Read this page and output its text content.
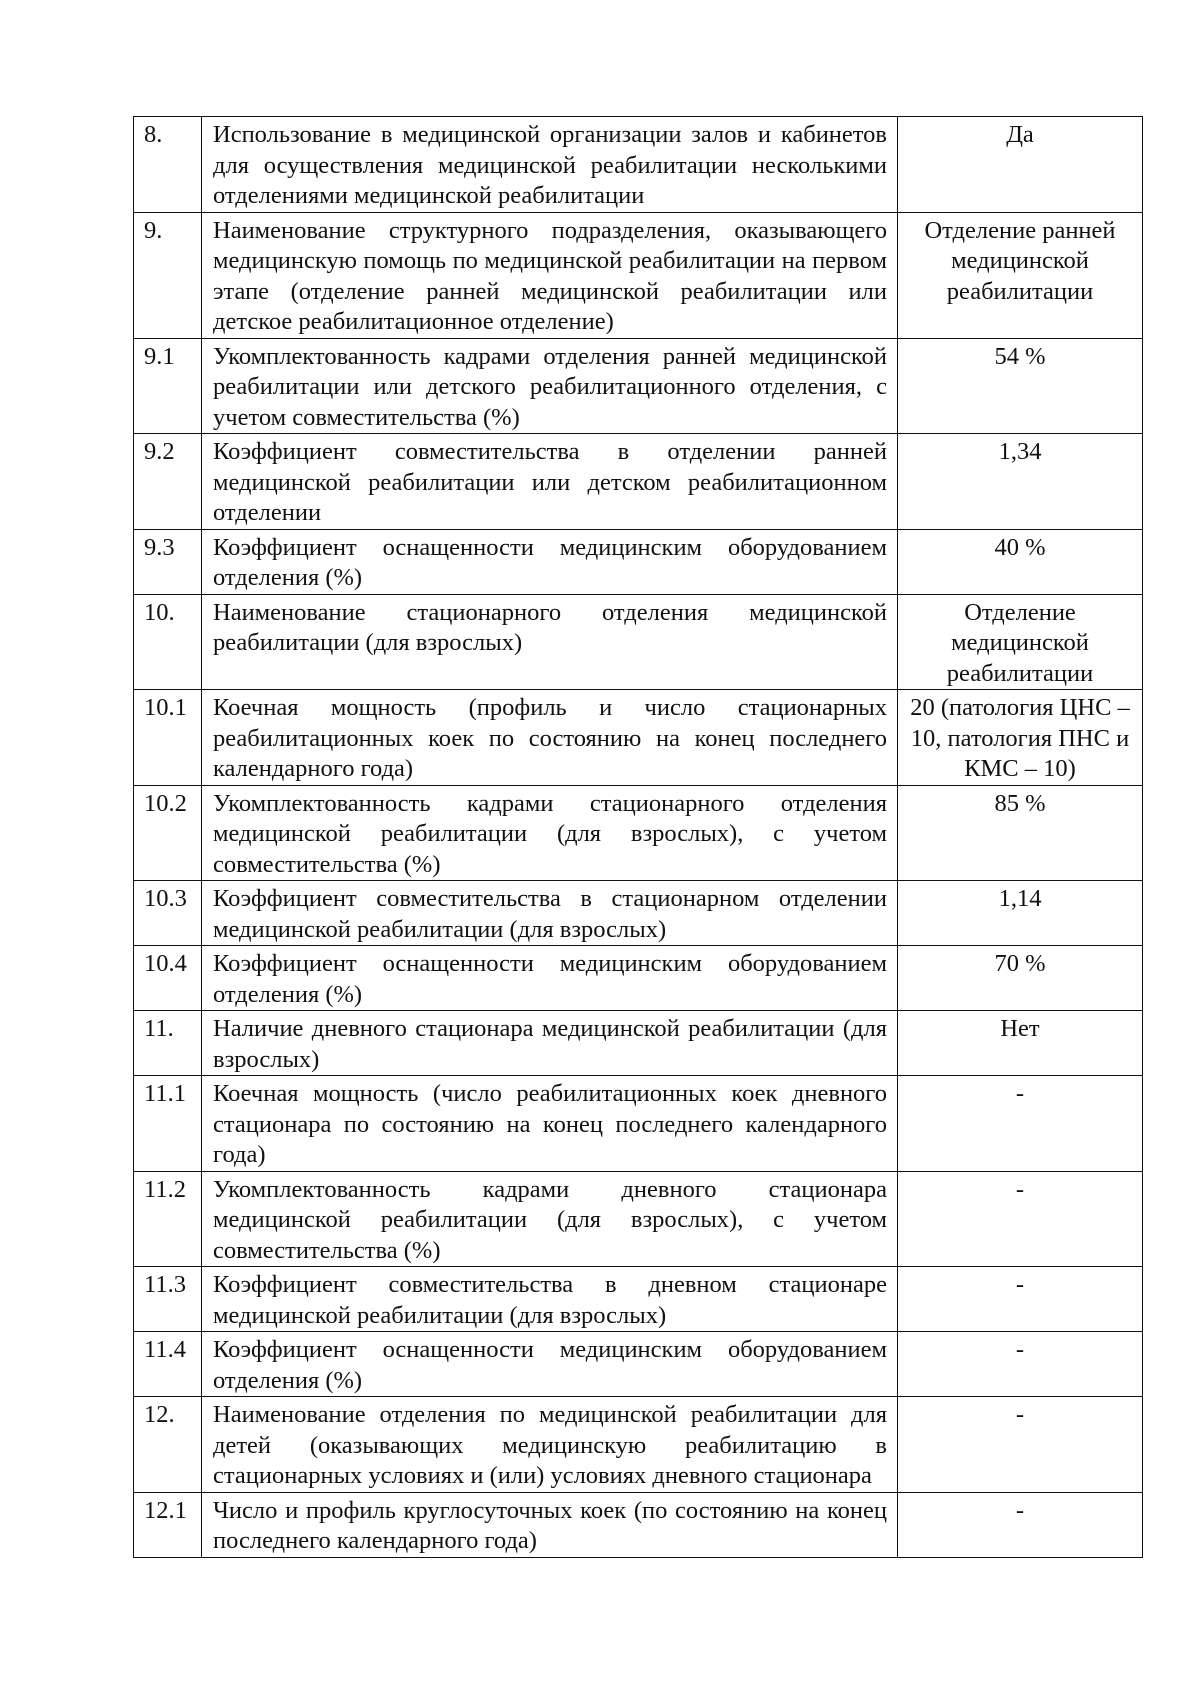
8.	Использование в медицинской организации залов и кабинетов для осуществления медицинской реабилитации несколькими отделениями медицинской реабилитации	Да
9.	Наименование структурного подразделения, оказывающего медицинскую помощь по медицинской реабилитации на первом этапе (отделение ранней медицинской реабилитации или детское реабилитационное отделение)	Отделение ранней медицинской реабилитации
9.1	Укомплектованность кадрами отделения ранней медицинской реабилитации или детского реабилитационного отделения, с учетом совместительства (%)	54 %
9.2	Коэффициент совместительства в отделении ранней медицинской реабилитации или детском реабилитационном отделении	1,34
9.3	Коэффициент оснащенности медицинским оборудованием отделения (%)	40 %
10.	Наименование стационарного отделения медицинской реабилитации (для взрослых)	Отделение медицинской реабилитации
10.1	Коечная мощность (профиль и число стационарных реабилитационных коек по состоянию на конец последнего календарного года)	20 (патология ЦНС – 10, патология ПНС и КМС – 10)
10.2	Укомплектованность кадрами стационарного отделения медицинской реабилитации (для взрослых), с учетом совместительства (%)	85 %
10.3	Коэффициент совместительства в стационарном отделении медицинской реабилитации (для взрослых)	1,14
10.4	Коэффициент оснащенности медицинским оборудованием отделения (%)	70 %
11.	Наличие дневного стационара медицинской реабилитации (для взрослых)	Нет
11.1	Коечная мощность (число реабилитационных коек дневного стационара по состоянию на конец последнего календарного года)	-
11.2	Укомплектованность кадрами дневного стационара медицинской реабилитации (для взрослых), с учетом совместительства (%)	-
11.3	Коэффициент совместительства в дневном стационаре медицинской реабилитации (для взрослых)	-
11.4	Коэффициент оснащенности медицинским оборудованием отделения (%)	-
12.	Наименование отделения по медицинской реабилитации для детей (оказывающих медицинскую реабилитацию в стационарных условиях и (или) условиях дневного стационара	-
12.1	Число и профиль круглосуточных коек (по состоянию на конец последнего календарного года)	-
